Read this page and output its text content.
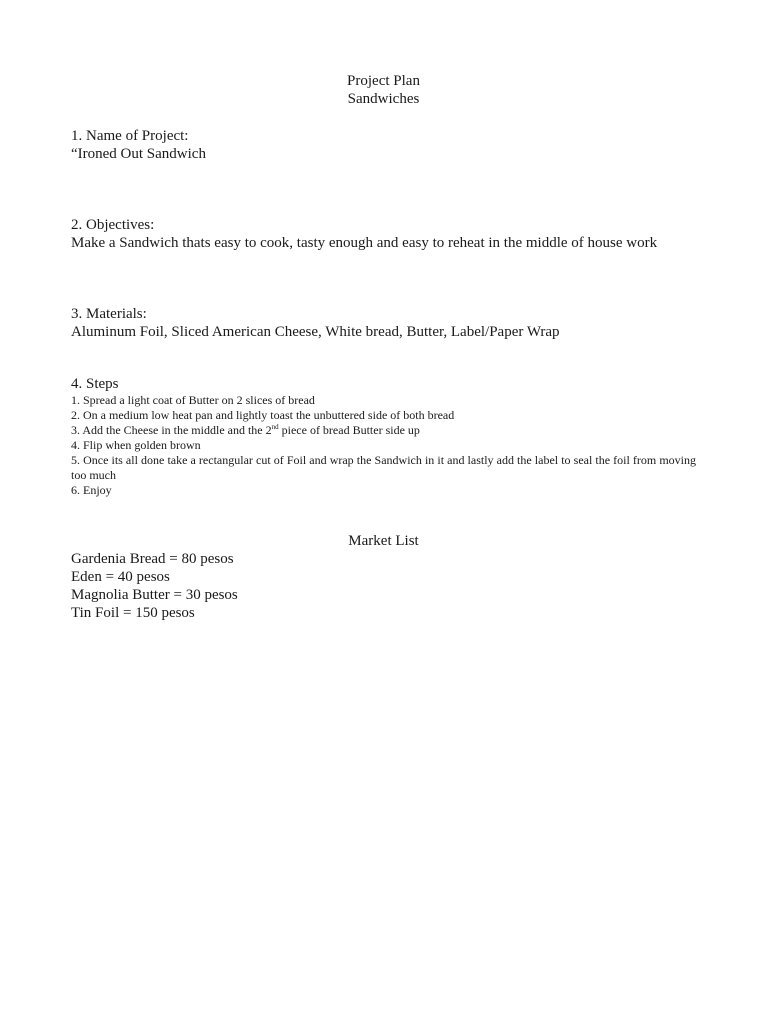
Project Plan
Sandwiches
1. Name of Project:
“Ironed Out Sandwich
2. Objectives:
Make a Sandwich thats easy to cook, tasty enough and easy to reheat in the middle of house work
3. Materials:
Aluminum Foil, Sliced American Cheese, White bread, Butter, Label/Paper Wrap
4. Steps
1. Spread a light coat of Butter on 2 slices of bread
2. On a medium low heat pan and lightly toast the unbuttered side of both bread
3. Add the Cheese in the middle and the 2nd piece of bread Butter side up
4. Flip when golden brown
5. Once its all done take a rectangular cut of Foil and wrap the Sandwich in it and lastly add the label to seal the foil from moving too much
6. Enjoy
Market List
Gardenia Bread = 80 pesos
Eden = 40 pesos
Magnolia Butter = 30 pesos
Tin Foil = 150 pesos
